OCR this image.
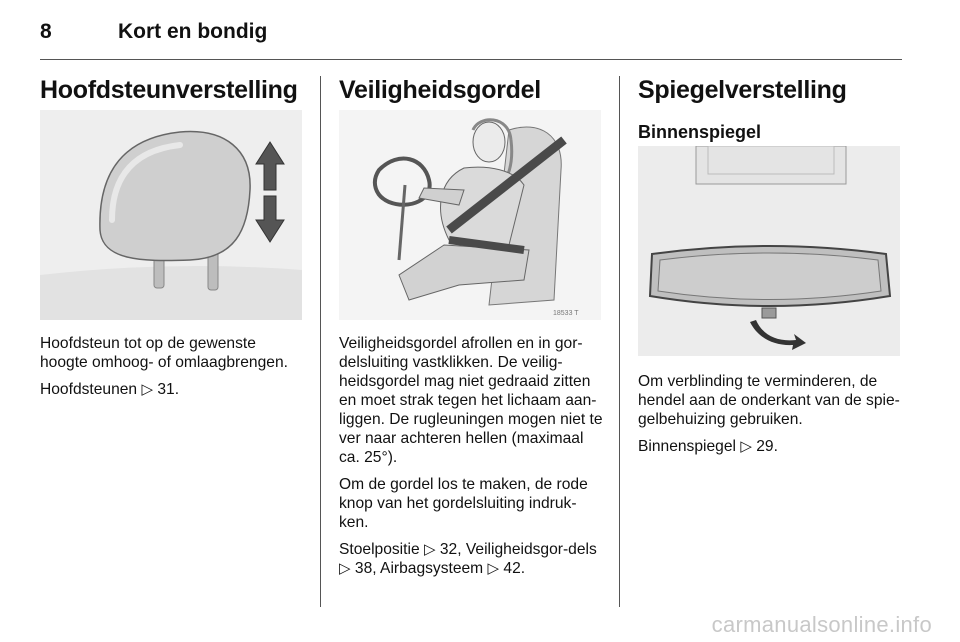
8	Kort en bondig
Hoofdsteunverstelling

Hoofdsteun tot op de gewenste hoogte omhoog- of omlaagbrengen.

Hoofdsteunen ▷ 31.

Veiligheidsgordel
18533 T

Veiligheidsgordel afrollen en in gor-delsluiting vastklikken. De veilig-heidsgordel mag niet gedraaid zitten en moet strak tegen het lichaam aan-liggen. De rugleuningen mogen niet te ver naar achteren hellen (maximaal ca. 25°).

Om de gordel los te maken, de rode knop van het gordelsluiting indruk-ken.

Stoelpositie ▷ 32, Veiligheidsgor-dels ▷ 38, Airbagsysteem ▷ 42.

Spiegelverstelling
Binnenspiegel

Om verblinding te verminderen, de hendel aan de onderkant van de spie-gelbehuizing gebruiken.

Binnenspiegel ▷ 29.

carmanualsonline.info
